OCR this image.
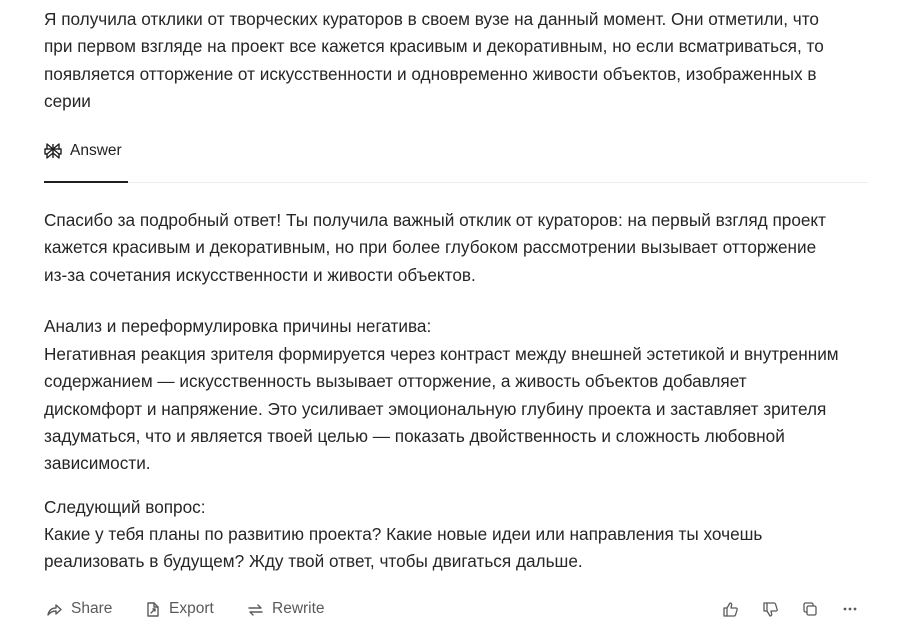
Я получила отклики от творческих кураторов в своем вузе на данный момент. Они отметили, что при первом взгляде на проект все кажется красивым и декоративным, но если всматриваться, то появляется отторжение от искусственности и одновременно живости объектов, изображенных в серии
Answer

Спасибо за подробный ответ! Ты получила важный отклик от кураторов: на первый взгляд проект кажется красивым и декоративным, но при более глубоком рассмотрении вызывает отторжение из-за сочетания искусственности и живости объектов.

Анализ и переформулировка причины негатива:

Негативная реакция зрителя формируется через контраст между внешней эстетикой и внутренним содержанием — искусственность вызывает отторжение, а живость объектов добавляет дискомфорт и напряжение. Это усиливает эмоциональную глубину проекта и заставляет зрителя задуматься, что и является твоей целью — показать двойственность и сложность любовной зависимости.

Следующий вопрос:

Какие у тебя планы по развитию проекта? Какие новые идеи или направления ты хочешь реализовать в будущем? Жду твой ответ, чтобы двигаться дальше.

Share	Export	Rewrite
